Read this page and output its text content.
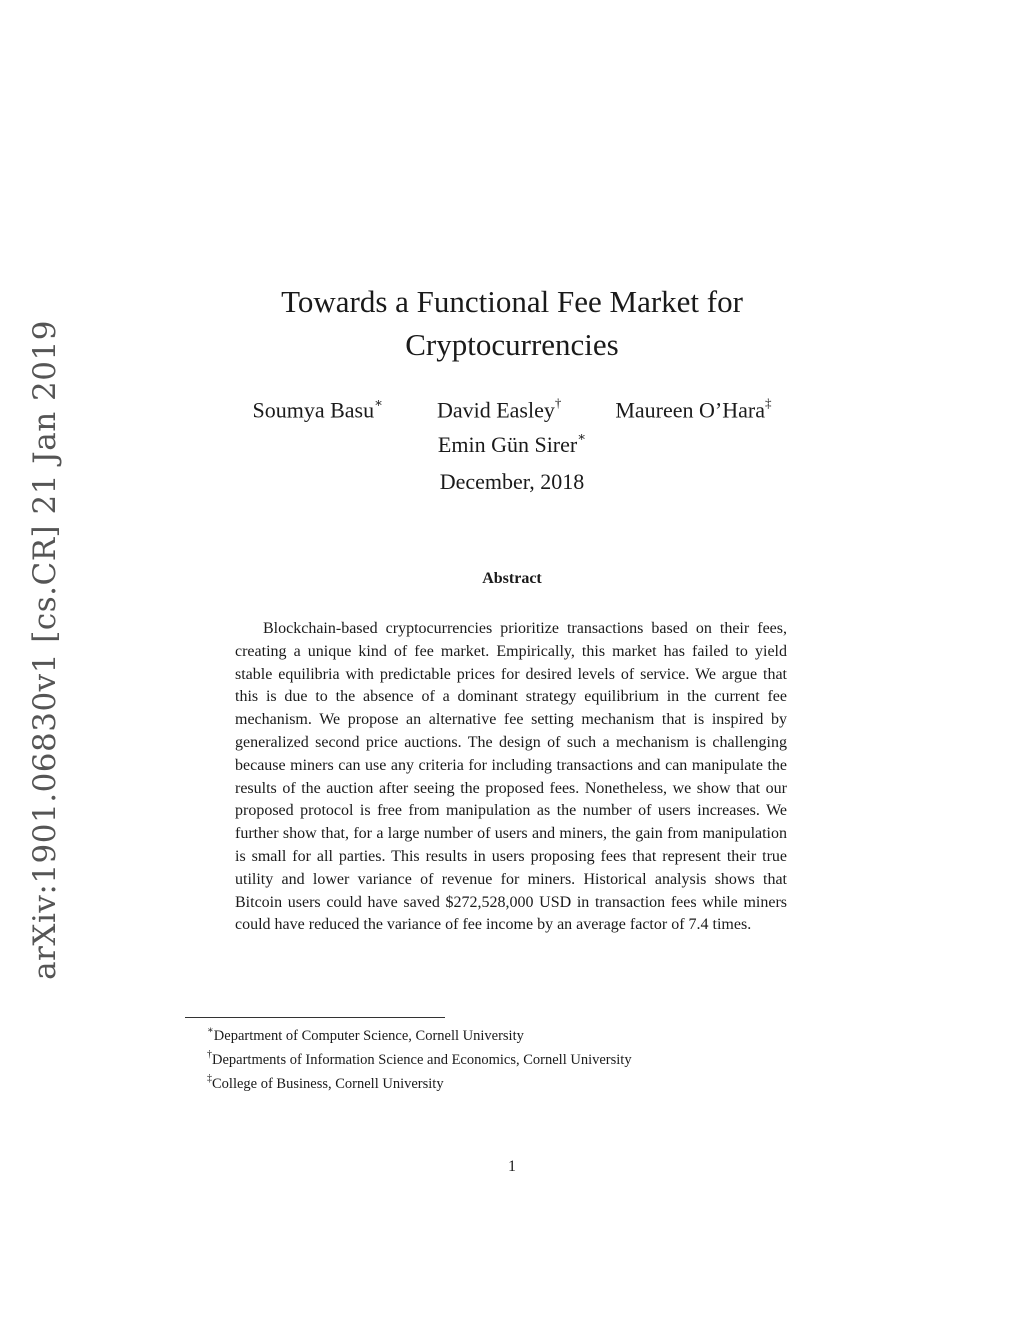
arXiv:1901.06830v1 [cs.CR] 21 Jan 2019
Towards a Functional Fee Market for
Cryptocurrencies
Soumya Basu∗ David Easley† Maureen O’Hara‡
Emin Gün Sirer∗
December, 2018
Abstract

Blockchain-based cryptocurrencies prioritize transactions based on their fees, creating a unique kind of fee market. Empirically, this market has failed to yield stable equilibria with predictable prices for desired levels of service. We argue that this is due to the absence of a dominant strategy equilibrium in the current fee mechanism. We propose an alternative fee setting mechanism that is inspired by generalized second price auctions. The design of such a mechanism is challenging because miners can use any criteria for including transactions and can manipulate the results of the auction after seeing the proposed fees. Nonetheless, we show that our proposed protocol is free from manipulation as the number of users increases. We further show that, for a large number of users and miners, the gain from manipulation is small for all parties. This results in users proposing fees that represent their true utility and lower variance of revenue for miners. Historical analysis shows that Bitcoin users could have saved $272,528,000 USD in transaction fees while miners could have reduced the variance of fee income by an average factor of 7.4 times.

∗Department of Computer Science, Cornell University
†Departments of Information Science and Economics, Cornell University
‡College of Business, Cornell University
1
